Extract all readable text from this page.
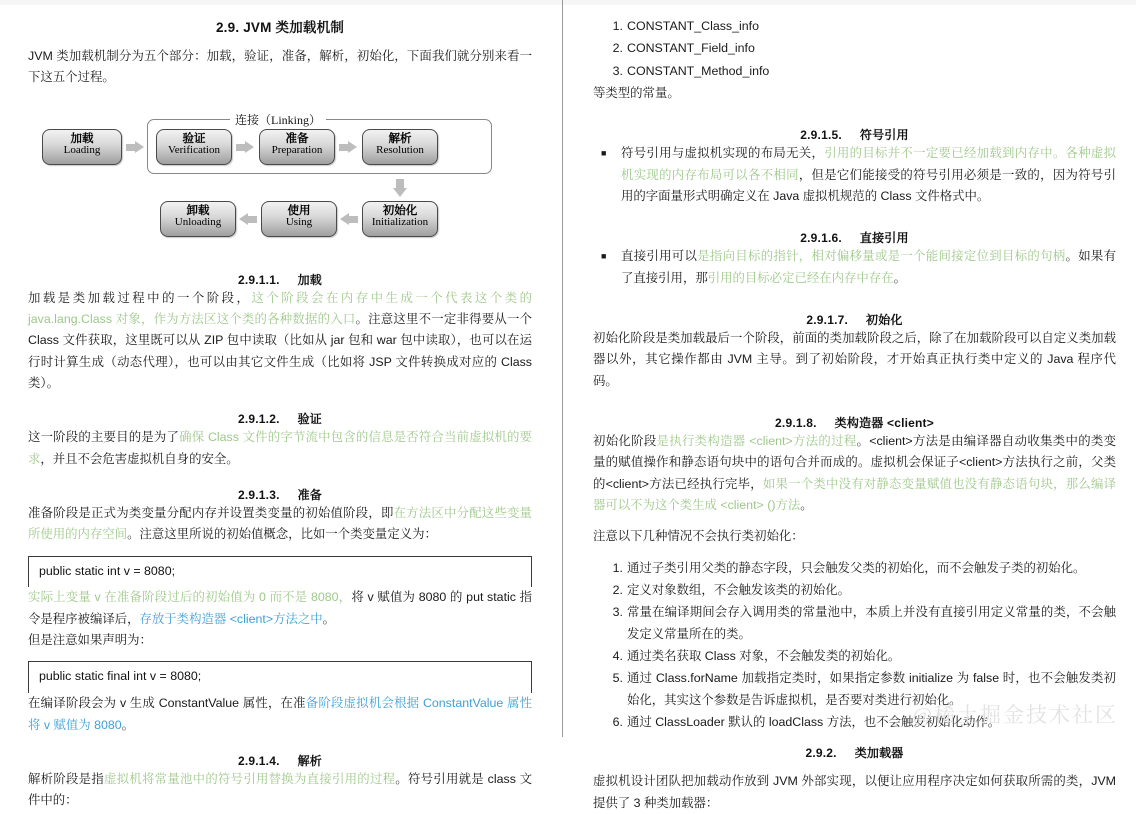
2.9. JVM 类加载机制

JVM 类加载机制分为五个部分：加载，验证，准备，解析，初始化，下面我们就分别来看一下这五个过程。

连接（Linking）
加载
Loading
验证
Verification
准备
Preparation
解析
Resolution
初始化
Initialization
使用
Using
卸载
Unloading
2.9.1.1. 加载

加载是类加载过程中的一个阶段，这个阶段会在内存中生成一个代表这个类的 java.lang.Class 对象，作为方法区这个类的各种数据的入口。注意这里不一定非得要从一个 Class 文件获取，这里既可以从 ZIP 包中读取（比如从 jar 包和 war 包中读取），也可以在运行时计算生成（动态代理），也可以由其它文件生成（比如将 JSP 文件转换成对应的 Class 类）。

2.9.1.2. 验证

这一阶段的主要目的是为了确保 Class 文件的字节流中包含的信息是否符合当前虚拟机的要求，并且不会危害虚拟机自身的安全。

2.9.1.3. 准备

准备阶段是正式为类变量分配内存并设置类变量的初始值阶段，即在方法区中分配这些变量所使用的内存空间。注意这里所说的初始值概念，比如一个类变量定义为：

public static int v = 8080;

实际上变量 v 在准备阶段过后的初始值为 0 而不是 8080，将 v 赋值为 8080 的 put static 指令是程序被编译后，存放于类构造器 <client>方法之中。

但是注意如果声明为：

public static final int v = 8080;

在编译阶段会为 v 生成 ConstantValue 属性，在准备阶段虚拟机会根据 ConstantValue 属性将 v 赋值为 8080。

2.9.1.4. 解析

解析阶段是指虚拟机将常量池中的符号引用替换为直接引用的过程。符号引用就是 class 文件中的：

1. CONSTANT_Class_info
2. CONSTANT_Field_info
3. CONSTANT_Method_info

等类型的常量。

2.9.1.5. 符号引用
■ 符号引用与虚拟机实现的布局无关，引用的目标并不一定要已经加载到内存中。各种虚拟机实现的内存布局可以各不相同，但是它们能接受的符号引用必须是一致的，因为符号引用的字面量形式明确定义在 Java 虚拟机规范的 Class 文件格式中。
2.9.1.6. 直接引用
■ 直接引用可以是指向目标的指针，相对偏移量或是一个能间接定位到目标的句柄。如果有了直接引用，那引用的目标必定已经在内存中存在。
2.9.1.7. 初始化

初始化阶段是类加载最后一个阶段，前面的类加载阶段之后，除了在加载阶段可以自定义类加载器以外，其它操作都由 JVM 主导。到了初始阶段，才开始真正执行类中定义的 Java 程序代码。

2.9.1.8. 类构造器 <client>

初始化阶段是执行类构造器 <client>方法的过程。<client>方法是由编译器自动收集类中的类变量的赋值操作和静态语句块中的语句合并而成的。虚拟机会保证子<client>方法执行之前，父类的<client>方法已经执行完毕，如果一个类中没有对静态变量赋值也没有静态语句块，那么编译器可以不为这个类生成 <client> ()方法。

注意以下几种情况不会执行类初始化：

1. 通过子类引用父类的静态字段，只会触发父类的初始化，而不会触发子类的初始化。
2. 定义对象数组，不会触发该类的初始化。
3. 常量在编译期间会存入调用类的常量池中，本质上并没有直接引用定义常量的类，不会触发定义常量所在的类。
4. 通过类名获取 Class 对象，不会触发类的初始化。
5. 通过 Class.forName 加载指定类时，如果指定参数 initialize 为 false 时，也不会触发类初始化，其实这个参数是告诉虚拟机，是否要对类进行初始化。
6. 通过 ClassLoader 默认的 loadClass 方法，也不会触发初始化动作。
2.9.2. 类加载器

虚拟机设计团队把加载动作放到 JVM 外部实现，以便让应用程序决定如何获取所需的类，JVM 提供了 3 种类加载器：

@稀土掘金技术社区
